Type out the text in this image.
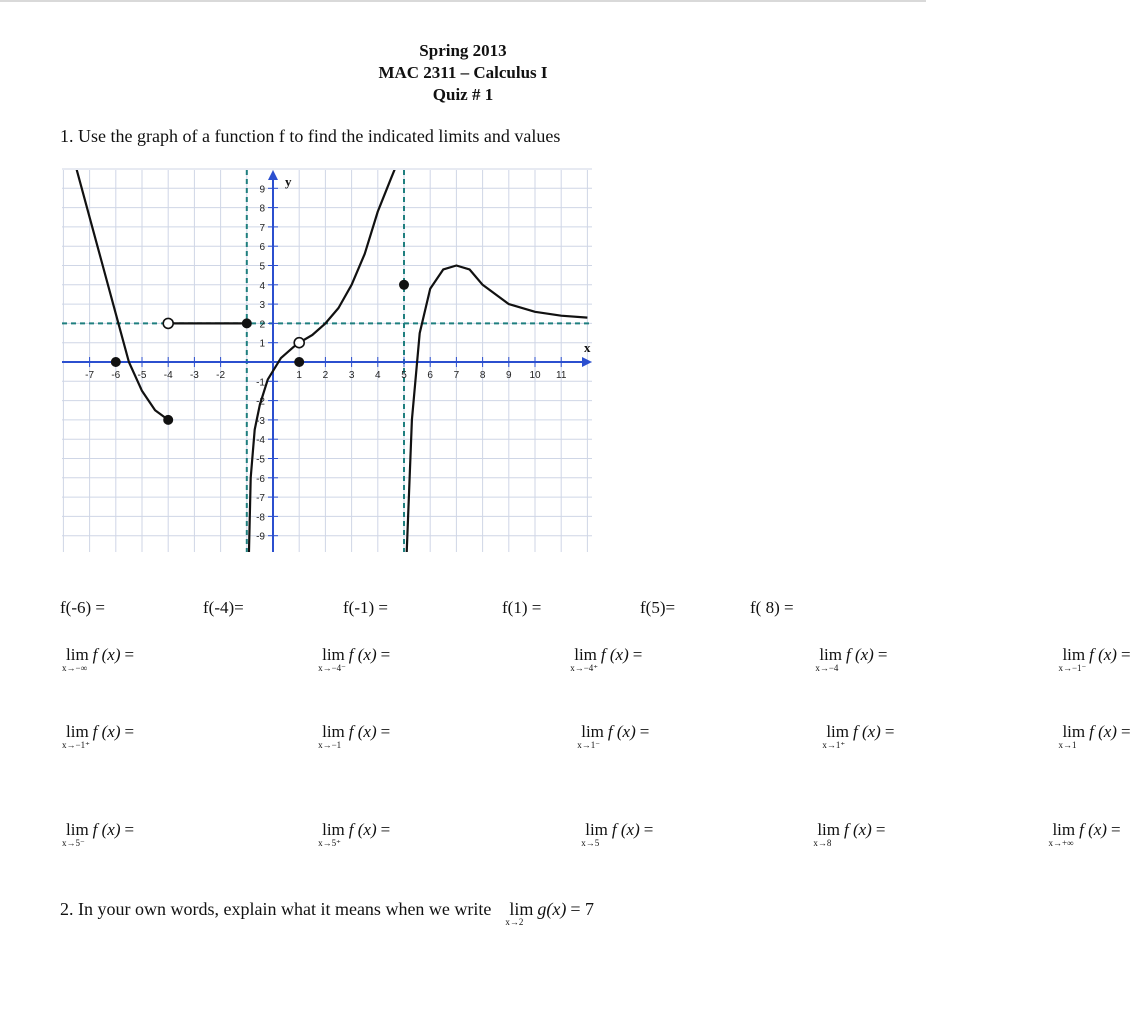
Spring 2013
MAC 2311 – Calculus I
Quiz # 1
1. Use the graph of a function f to find the indicated limits and values
-7 -6 -5 -4 -3 -2	1 2 3 4 5 6 7 8 9 10 11
9
8
7
6
5
4
3
2
1
-1
-2
-3
-4
-5
-6
-7
-8
-9
x
y
f(-6) =	f(-4)=	f(-1) =	f(1) =	f(5)=	f( 8) =
lim
x→−∞
f (x) =	lim
x→−4⁻
f (x) =	lim
x→−4⁺
f (x) =	lim
x→−4
f (x) =	lim
x→−1⁻
f (x) =
lim
x→−1⁺
f (x) =	lim
x→−1
f (x) =	lim
x→1⁻
f (x) =	lim
x→1⁺
f (x) =	lim
x→1
f (x) =
lim
x→5⁻
f (x) =	lim
x→5⁺
f (x) =	lim
x→5
f (x) =	lim
x→8
f (x) =	lim
x→+∞
f (x) =
2. In your own words, explain what it means when we write lim
x→2
g(x) = 7
